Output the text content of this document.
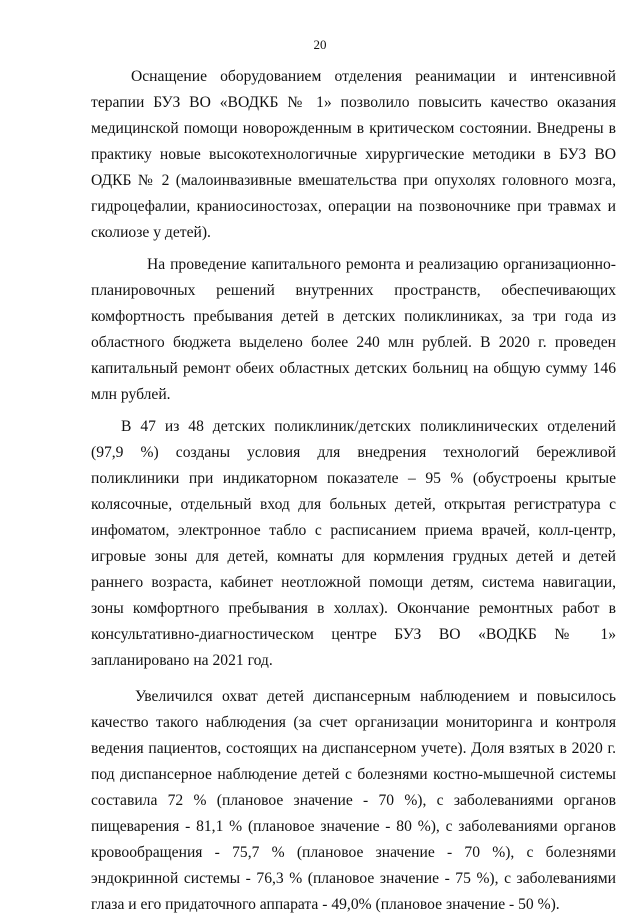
20

Оснащение оборудованием отделения реанимации и интенсивной терапии БУЗ ВО «ВОДКБ № 1» позволило повысить качество оказания медицинской помощи новорожденным в критическом состоянии. Внедрены в практику новые высокотехнологичные хирургические методики в БУЗ ВО ОДКБ № 2 (малоинвазивные вмешательства при опухолях головного мозга, гидроцефалии, краниосиностозах, операции на позвоночнике при травмах и сколиозе у детей).

На проведение капитального ремонта и реализацию организационно-планировочных решений внутренних пространств, обеспечивающих комфортность пребывания детей в детских поликлиниках, за три года из областного бюджета выделено более 240 млн рублей. В 2020 г. проведен капитальный ремонт обеих областных детских больниц на общую сумму 146 млн рублей.

В 47 из 48 детских поликлиник/детских поликлинических отделений (97,9 %) созданы условия для внедрения технологий бережливой поликлиники при индикаторном показателе – 95 % (обустроены крытые колясочные, отдельный вход для больных детей, открытая регистратура с инфоматом, электронное табло с расписанием приема врачей, колл-центр, игровые зоны для детей, комнаты для кормления грудных детей и детей раннего возраста, кабинет неотложной помощи детям, система навигации, зоны комфортного пребывания в холлах). Окончание ремонтных работ в консультативно-диагностическом центре БУЗ ВО «ВОДКБ № 1» запланировано на 2021 год.

Увеличился охват детей диспансерным наблюдением и повысилось качество такого наблюдения (за счет организации мониторинга и контроля ведения пациентов, состоящих на диспансерном учете). Доля взятых в 2020 г. под диспансерное наблюдение детей с болезнями костно-мышечной системы составила 72 % (плановое значение - 70 %), с заболеваниями органов пищеварения - 81,1 % (плановое значение - 80 %), с заболеваниями органов кровообращения - 75,7 % (плановое значение - 70 %), с болезнями эндокринной системы - 76,3 % (плановое значение - 75 %), с заболеваниями глаза и его придаточного аппарата - 49,0% (плановое значение - 50 %).
